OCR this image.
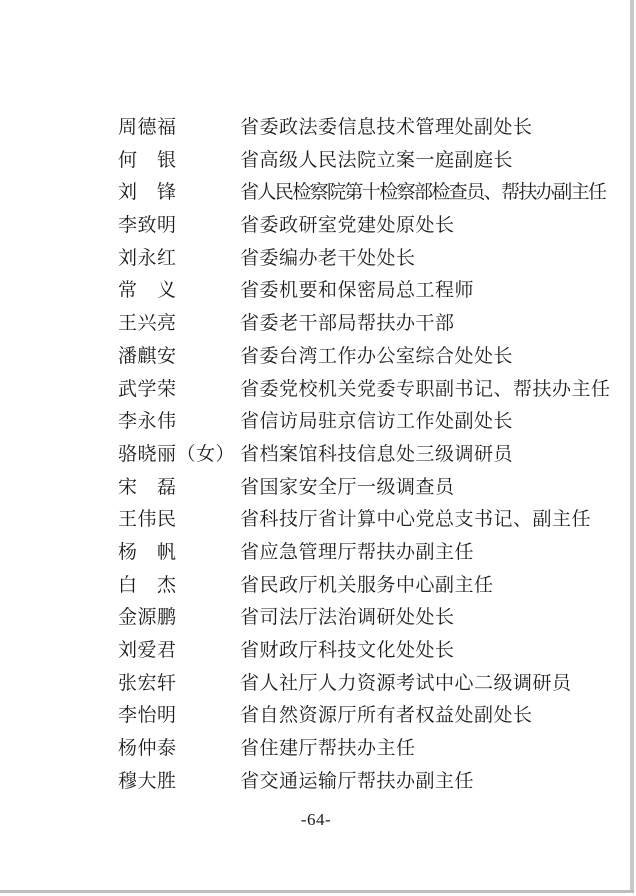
周德福	省委政法委信息技术管理处副处长
何　银	省高级人民法院立案一庭副庭长
刘　锋	省人民检察院第十检察部检查员、帮扶办副主任
李致明	省委政研室党建处原处长
刘永红	省委编办老干处处长
常　义	省委机要和保密局总工程师
王兴亮	省委老干部局帮扶办干部
潘麒安	省委台湾工作办公室综合处处长
武学荣	省委党校机关党委专职副书记、帮扶办主任
李永伟	省信访局驻京信访工作处副处长
骆晓丽（女） 省档案馆科技信息处三级调研员
宋　磊	省国家安全厅一级调查员
王伟民	省科技厅省计算中心党总支书记、副主任
杨　帆	省应急管理厅帮扶办副主任
白　杰	省民政厅机关服务中心副主任
金源鹏	省司法厅法治调研处处长
刘爱君	省财政厅科技文化处处长
张宏轩	省人社厅人力资源考试中心二级调研员
李怡明	省自然资源厅所有者权益处副处长
杨仲泰	省住建厅帮扶办主任
穆大胜	省交通运输厅帮扶办副主任
-64-
